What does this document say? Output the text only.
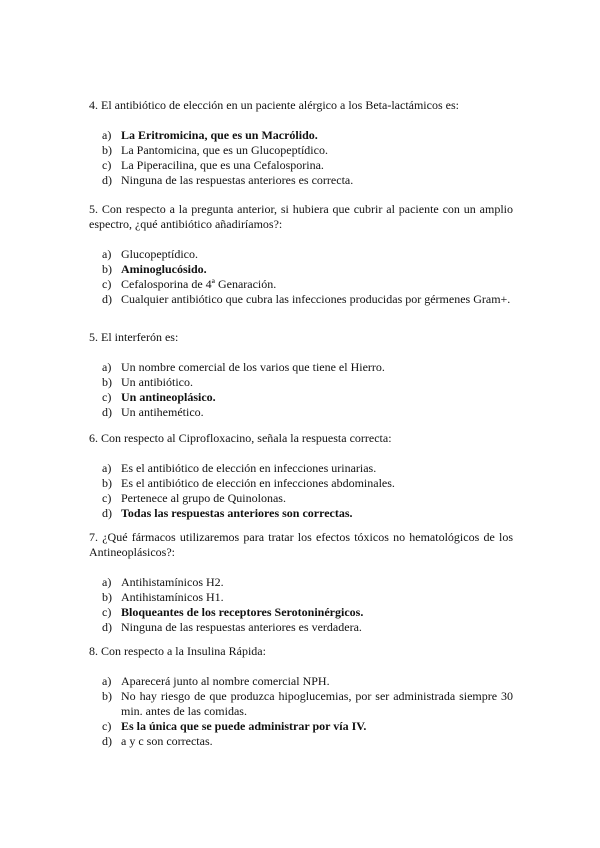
4. El antibiótico de elección en un paciente alérgico a los Beta-lactámicos es:

a) La Eritromicina, que es un Macrólido.
b) La Pantomicina, que es un Glucopeptídico.
c) La Piperacilina, que es una Cefalosporina.
d) Ninguna de las respuestas anteriores es correcta.

5. Con respecto a la pregunta anterior, si hubiera que cubrir al paciente con un amplio espectro, ¿qué antibiótico añadiríamos?:

a) Glucopeptídico.
b) Aminoglucósido.
c) Cefalosporina de 4ª Genaración.
d) Cualquier antibiótico que cubra las infecciones producidas por gérmenes Gram+.

5. El interferón es:

a) Un nombre comercial de los varios que tiene el Hierro.
b) Un antibiótico.
c) Un antineoplásico.
d) Un antihemético.

6. Con respecto al Ciprofloxacino, señala la respuesta correcta:

a) Es el antibiótico de elección en infecciones urinarias.
b) Es el antibiótico de elección en infecciones abdominales.
c) Pertenece al grupo de Quinolonas.
d) Todas las respuestas anteriores son correctas.

7. ¿Qué fármacos utilizaremos para tratar los efectos tóxicos no hematológicos de los Antineoplásicos?:

a) Antihistamínicos H2.
b) Antihistamínicos H1.
c) Bloqueantes de los receptores Serotoninérgicos.
d) Ninguna de las respuestas anteriores es verdadera.

8. Con respecto a la Insulina Rápida:

a) Aparecerá junto al nombre comercial NPH.
b) No hay riesgo de que produzca hipoglucemias, por ser administrada siempre 30 min. antes de las comidas.
c) Es la única que se puede administrar por vía IV.
d) a y c son correctas.
